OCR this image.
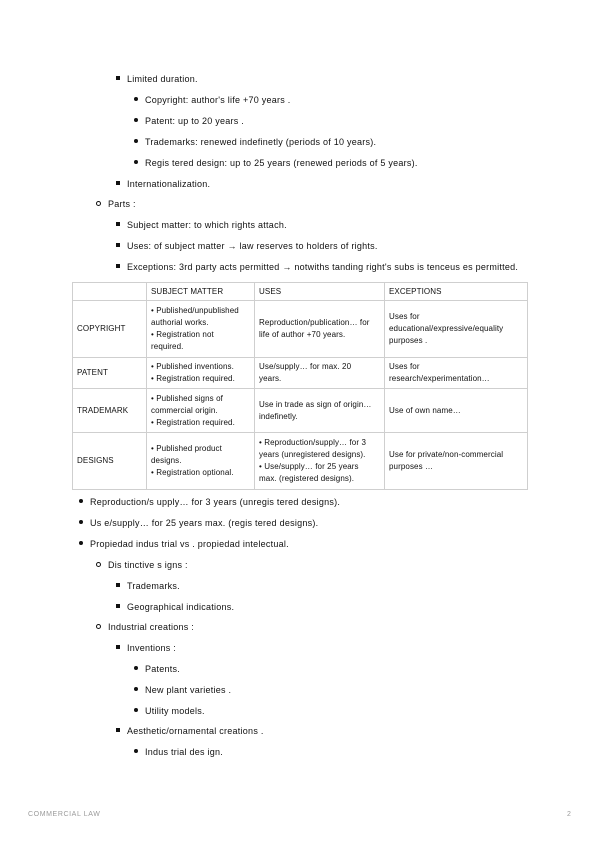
Limited duration.
Copyright: author's life +70 years .
Patent: up to 20 years .
Trademarks: renewed indefinetly (periods of 10 years).
Regis tered design: up to 25 years (renewed periods of 5 years).
Internationalization.
Parts :
Subject matter: to which rights attach.
Uses: of subject matter → law reserves to holders of rights.
Exceptions: 3rd party acts permitted → notwiths tanding right's subs is tenceus es permitted.
	SUBJECT MATTER	USES	EXCEPTIONS
COPYRIGHT	• Published/unpublished
authorial works.
• Registration not
required.	Reproduction/publication… for
life of author +70 years.	Uses for
educational/expressive/equality
purposes .

PATENT	• Published inventions.
• Registration required.	Use/supply… for max. 20
years.	Uses for
research/experimentation…

TRADEMARK	• Published signs of
commercial origin.
• Registration required.	Use in trade as sign of origin…
indefinetly.	Use of own name…

DESIGNS	• Published product
designs.
• Registration optional.	• Reproduction/supply… for 3
years (unregistered designs).
• Use/supply… for 25 years
max. (registered designs).	Use for private/non-commercial
purposes …
Reproduction/s upply… for 3 years (unregis tered designs).
Us e/supply… for 25 years max. (regis tered designs).
Propiedad indus trial vs . propiedad intelectual.
Dis tinctive s igns :
Trademarks.
Geographical indications.
Industrial creations :
Inventions :
Patents.
New plant varieties .
Utility models.
Aesthetic/ornamental creations .
Indus trial des ign.
COMMERCIAL LAW	2
